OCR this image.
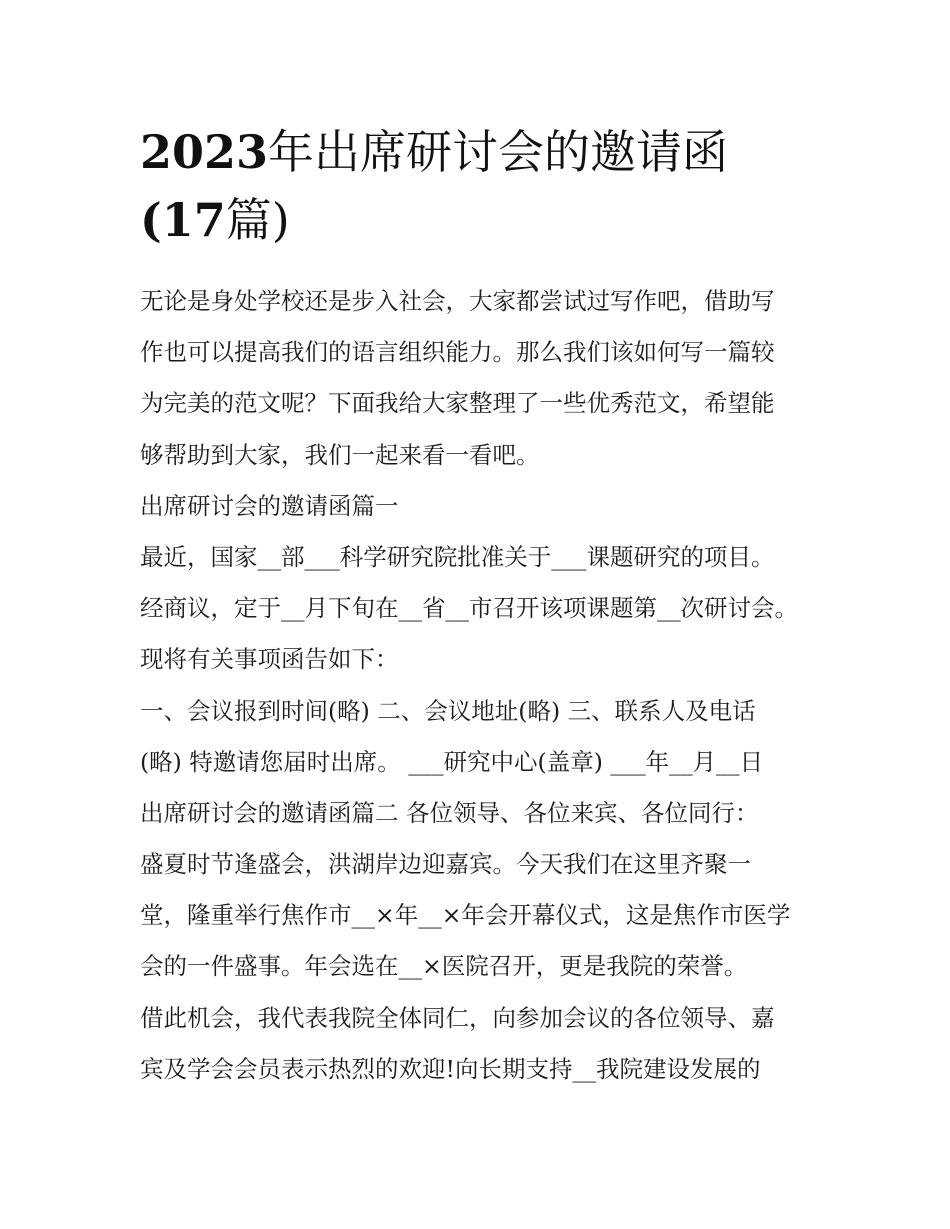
2023年出席研讨会的邀请函
(17篇)
无论是身处学校还是步入社会，大家都尝试过写作吧，借助写
作也可以提高我们的语言组织能力。那么我们该如何写一篇较
为完美的范文呢？下面我给大家整理了一些优秀范文，希望能
够帮助到大家，我们一起来看一看吧。
出席研讨会的邀请函篇一
最近，国家__部___科学研究院批准关于___课题研究的项目。
经商议，定于__月下旬在__省__市召开该项课题第__次研讨会。
现将有关事项函告如下：
一、会议报到时间(略) 二、会议地址(略) 三、联系人及电话
(略) 特邀请您届时出席。 ___研究中心(盖章) ___年__月__日
出席研讨会的邀请函篇二 各位领导、各位来宾、各位同行：
盛夏时节逢盛会，洪湖岸边迎嘉宾。今天我们在这里齐聚一
堂，隆重举行焦作市__×年__×年会开幕仪式，这是焦作市医学
会的一件盛事。年会选在__×医院召开，更是我院的荣誉。
借此机会，我代表我院全体同仁，向参加会议的各位领导、嘉
宾及学会会员表示热烈的欢迎!向长期支持__我院建设发展的
